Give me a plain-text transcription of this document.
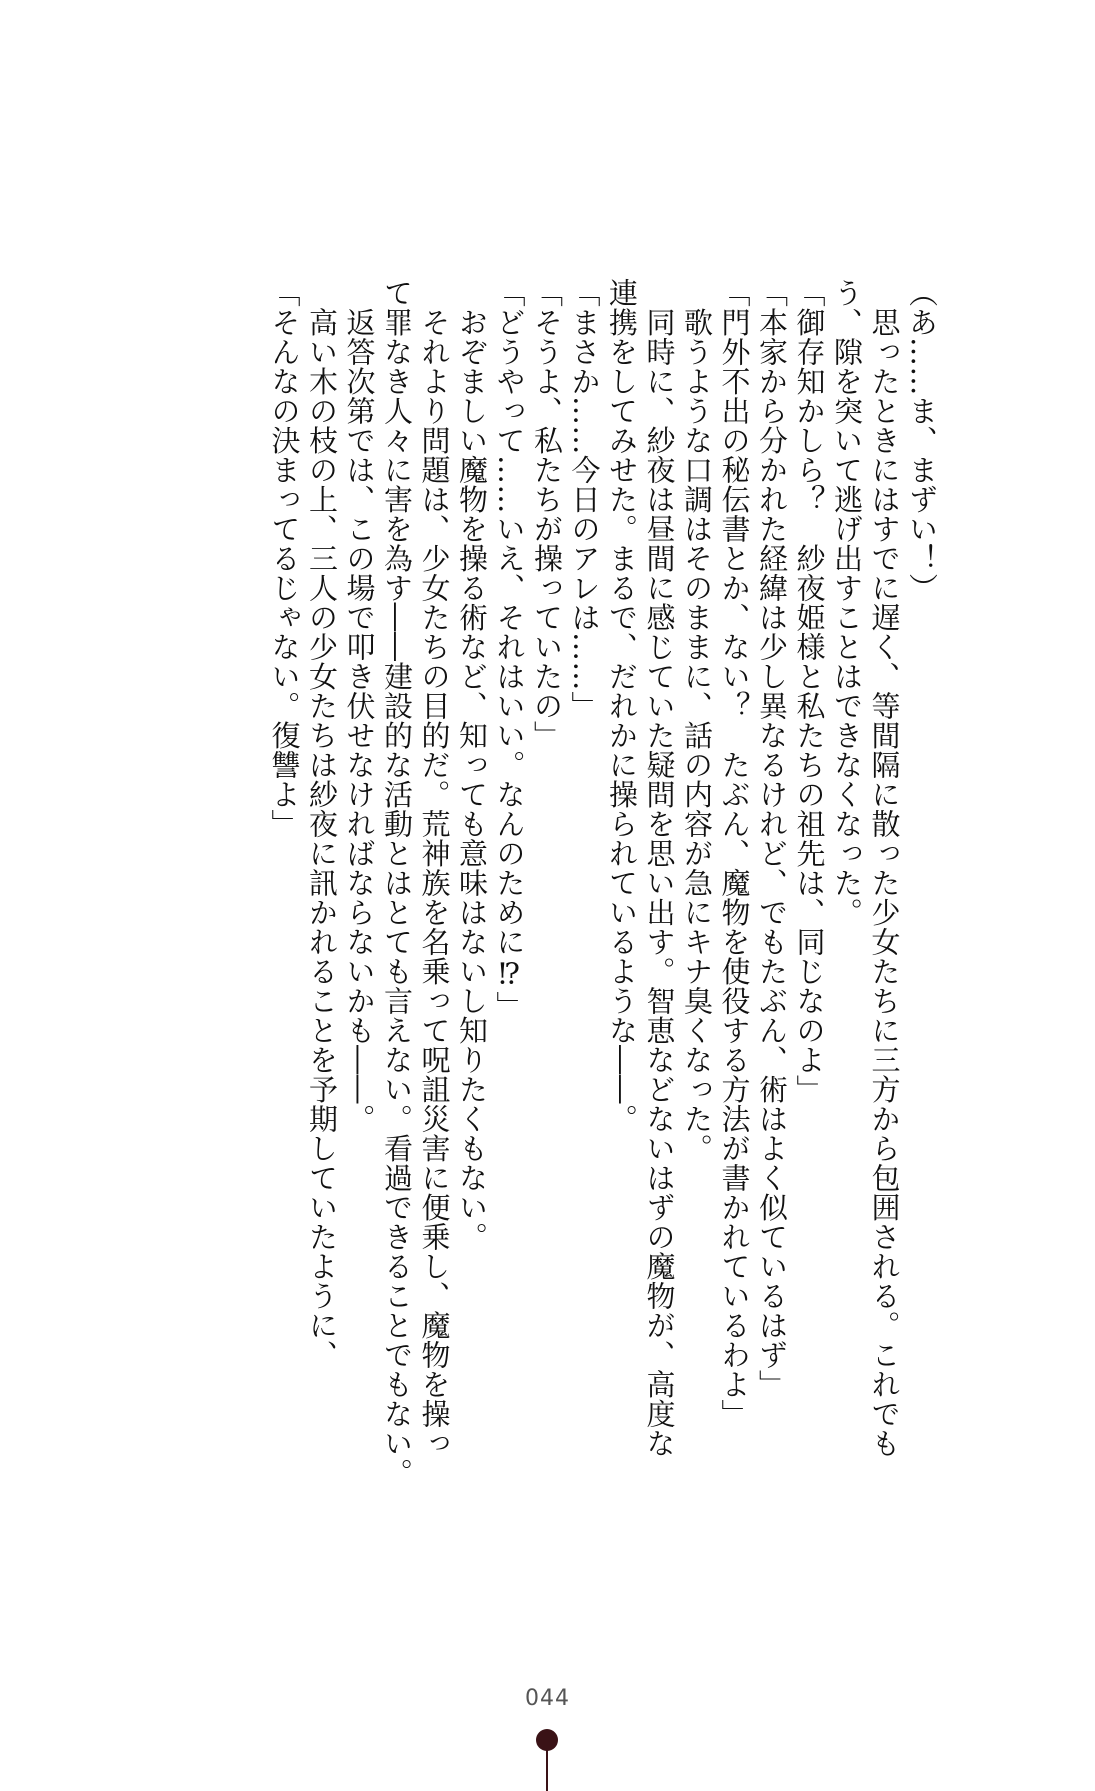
（あ……ま、まずい！）
　思ったときにはすでに遅く、等間隔に散った少女たちに三方から包囲される。これでも
う、隙を突いて逃げ出すことはできなくなった。
「御存知かしら？　紗夜姫様と私たちの祖先は、同じなのよ」
「本家から分かれた経緯は少し異なるけれど、でもたぶん、術はよく似ているはず」
「門外不出の秘伝書とか、ない？　たぶん、魔物を使役する方法が書かれているわよ」
　歌うような口調はそのままに、話の内容が急にキナ臭くなった。
　同時に、紗夜は昼間に感じていた疑問を思い出す。智恵などないはずの魔物が、高度な
連携をしてみせた。まるで、だれかに操られているような――。
「まさか……今日のアレは……」
「そうよ、私たちが操っていたの」
「どうやって……いえ、それはいい。なんのために⁉」
　おぞましい魔物を操る術など、知っても意味はないし知りたくもない。
　それより問題は、少女たちの目的だ。荒神族を名乗って呪詛災害に便乗し、魔物を操っ
て罪なき人々に害を為す――建設的な活動とはとても言えない。看過できることでもない。
　返答次第では、この場で叩き伏せなければならないかも――。
　高い木の枝の上、三人の少女たちは紗夜に訊かれることを予期していたように、
「そんなの決まってるじゃない。復讐よ」
044
